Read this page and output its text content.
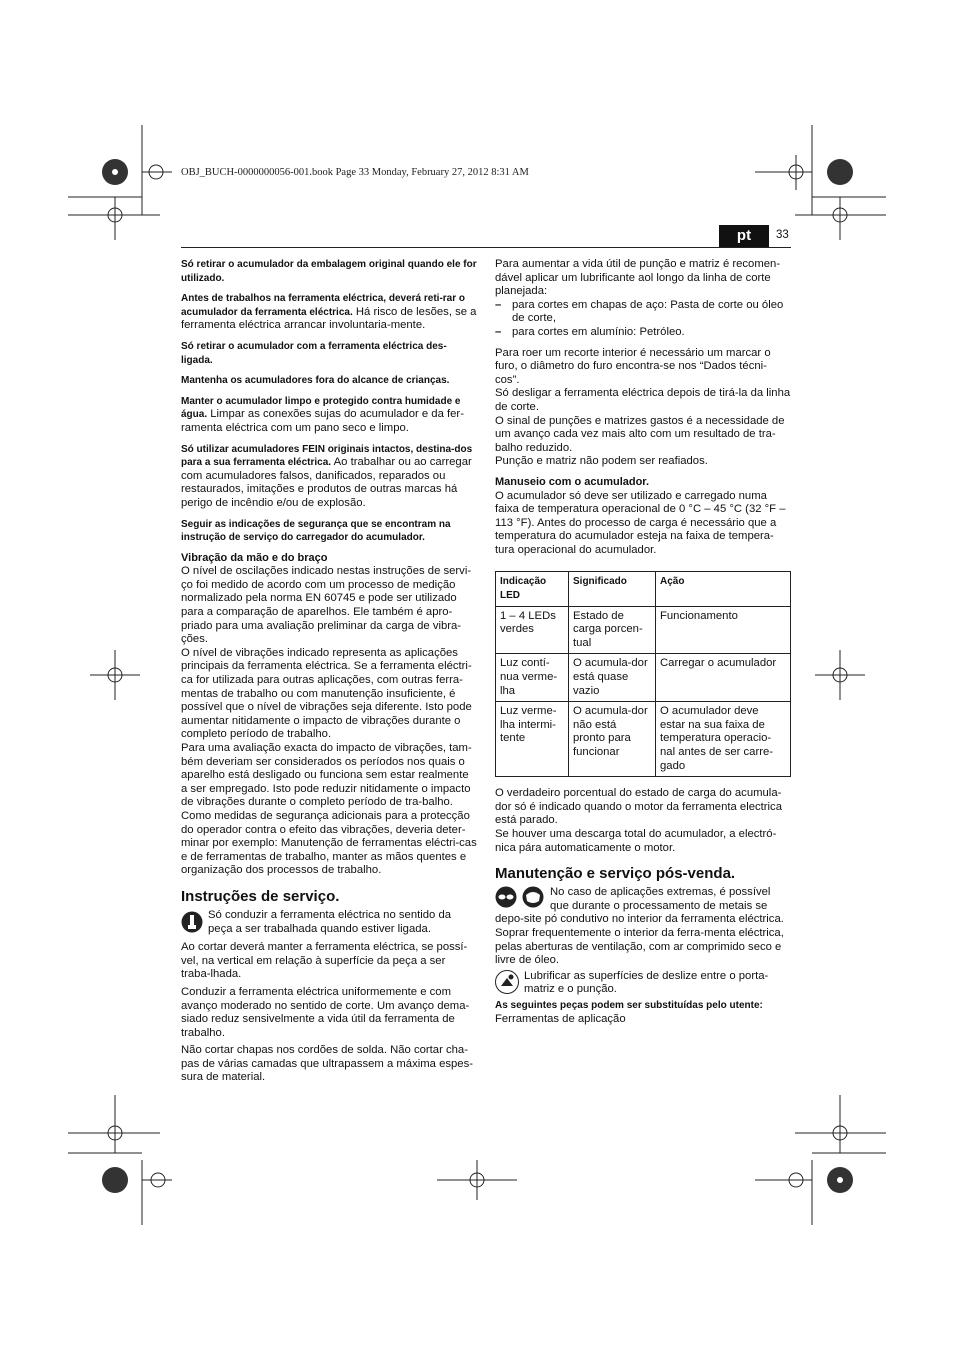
OBJ_BUCH-0000000056-001.book Page 33 Monday, February 27, 2012 8:31 AM
pt	33

Só retirar o acumulador da embalagem original quando ele for utilizado.

Antes de trabalhos na ferramenta eléctrica, deverá reti-rar o acumulador da ferramenta eléctrica. Há risco de lesões, se a ferramenta eléctrica arrancar involuntaria-mente.

Só retirar o acumulador com a ferramenta eléctrica des-ligada.

Mantenha os acumuladores fora do alcance de crianças.

Manter o acumulador limpo e protegido contra humidade e água. Limpar as conexões sujas do acumulador e da fer-ramenta eléctrica com um pano seco e limpo.

Só utilizar acumuladores FEIN originais intactos, destina-dos para a sua ferramenta eléctrica. Ao trabalhar ou ao carregar com acumuladores falsos, danificados, reparados ou restaurados, imitações e produtos de outras marcas há perigo de incêndio e/ou de explosão.

Seguir as indicações de segurança que se encontram na instrução de serviço do carregador do acumulador.

Vibração da mão e do braço

O nível de oscilações indicado nestas instruções de servi-ço foi medido de acordo com um processo de medição normalizado pela norma EN 60745 e pode ser utilizado para a comparação de aparelhos. Ele também é apro-priado para uma avaliação preliminar da carga de vibra-ções.

O nível de vibrações indicado representa as aplicações principais da ferramenta eléctrica. Se a ferramenta eléctri-ca for utilizada para outras aplicações, com outras ferra-mentas de trabalho ou com manutenção insuficiente, é possível que o nível de vibrações seja diferente. Isto pode aumentar nitidamente o impacto de vibrações durante o completo período de trabalho.

Para uma avaliação exacta do impacto de vibrações, tam-bém deveriam ser considerados os períodos nos quais o aparelho está desligado ou funciona sem estar realmente a ser empregado. Isto pode reduzir nitidamente o impacto de vibrações durante o completo período de tra-balho.

Como medidas de segurança adicionais para a protecção do operador contra o efeito das vibrações, deveria deter-minar por exemplo: Manutenção de ferramentas eléctri-cas e de ferramentas de trabalho, manter as mãos quentes e organização dos processos de trabalho.

Instruções de serviço.

Só conduzir a ferramenta eléctrica no sentido da peça a ser trabalhada quando estiver ligada.

Ao cortar deverá manter a ferramenta eléctrica, se possí-vel, na vertical em relação à superfície da peça a ser traba-lhada.

Conduzir a ferramenta eléctrica uniformemente e com avanço moderado no sentido de corte. Um avanço dema-siado reduz sensivelmente a vida útil da ferramenta de trabalho.

Não cortar chapas nos cordões de solda. Não cortar cha-pas de várias camadas que ultrapassem a máxima espes-sura de material.

Para aumentar a vida útil de punção e matriz é recomen-dável aplicar um lubrificante aol longo da linha de corte planejada:

– para cortes em chapas de aço: Pasta de corte ou óleo de corte,
– para cortes em alumínio: Petróleo.

Para roer um recorte interior é necessário um marcar o furo, o diâmetro do furo encontra-se nos “Dados técni-cos”.

Só desligar a ferramenta eléctrica depois de tirá-la da linha de corte.

O sinal de punções e matrizes gastos é a necessidade de um avanço cada vez mais alto com um resultado de tra-balho reduzido.

Punção e matriz não podem ser reafiados.

Manuseio com o acumulador.

O acumulador só deve ser utilizado e carregado numa faixa de temperatura operacional de 0 °C – 45 °C (32 °F – 113 °F). Antes do processo de carga é necessário que a temperatura do acumulador esteja na faixa de tempera-tura operacional do acumulador.

Indicação LED	Significado	Ação
1 – 4 LEDs verdes	Estado de carga porcen-tual	Funcionamento
Luz contí-nua verme-lha	O acumula-dor está quase vazio	Carregar o acumulador
Luz verme-lha intermi-tente	O acumula-dor não está pronto para funcionar	O acumulador deve estar na sua faixa de temperatura operacio-nal antes de ser carre-gado

O verdadeiro porcentual do estado de carga do acumula-dor só é indicado quando o motor da ferramenta electrica está parado.

Se houver uma descarga total do acumulador, a electró-nica pára automaticamente o motor.

Manutenção e serviço pós-venda.

No caso de aplicações extremas, é possível que durante o processamento de metais se depo-site pó condutivo no interior da ferramenta eléctrica. Soprar frequentemente o interior da ferra-menta eléctrica, pelas aberturas de ventilação, com ar comprimido seco e livre de óleo.
Lubrificar as superfícies de deslize entre o porta-matriz e o punção.

As seguintes peças podem ser substituídas pelo utente:

Ferramentas de aplicação
